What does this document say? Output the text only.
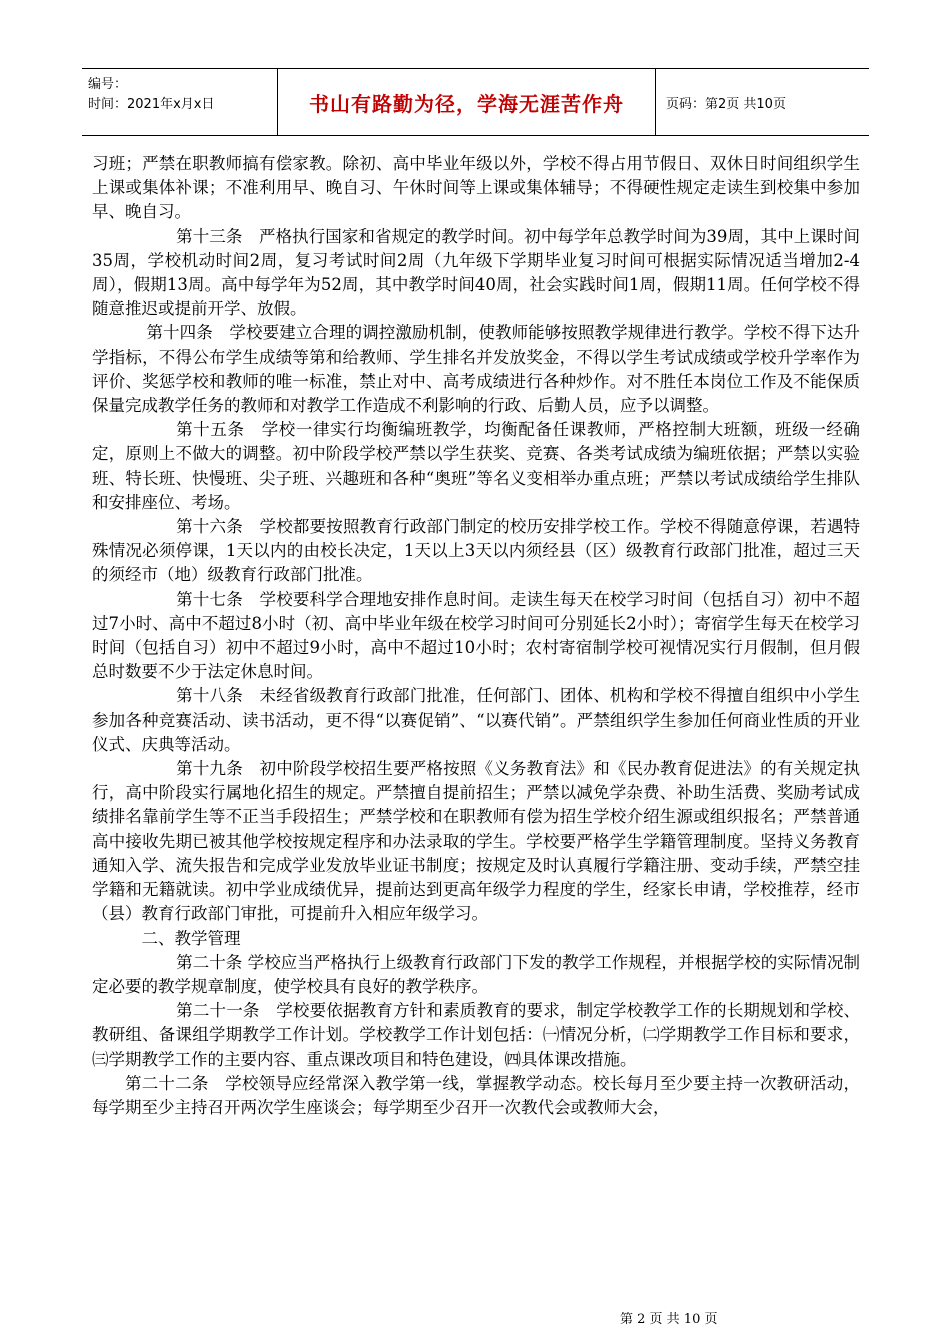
编号：
时间：2021年x月x日	书山有路勤为径，学海无涯苦作舟	页码：第2页 共10页

习班；严禁在职教师搞有偿家教。除初、高中毕业年级以外，学校不得占用节假日、双休日时间组织学生上课或集体补课；不准利用早、晚自习、午休时间等上课或集体辅导；不得硬性规定走读生到校集中参加早、晚自习。

第十三条　严格执行国家和省规定的教学时间。初中每学年总教学时间为39周，其中上课时间35周，学校机动时间2周，复习考试时间2周（九年级下学期毕业复习时间可根据实际情况适当增加2-4周），假期13周。高中每学年为52周，其中教学时间40周，社会实践时间1周，假期11周。任何学校不得随意推迟或提前开学、放假。

第十四条　学校要建立合理的调控激励机制，使教师能够按照教学规律进行教学。学校不得下达升学指标，不得公布学生成绩等第和给教师、学生排名并发放奖金，不得以学生考试成绩或学校升学率作为评价、奖惩学校和教师的唯一标准，禁止对中、高考成绩进行各种炒作。对不胜任本岗位工作及不能保质保量完成教学任务的教师和对教学工作造成不利影响的行政、后勤人员，应予以调整。

第十五条　学校一律实行均衡编班教学，均衡配备任课教师，严格控制大班额，班级一经确定，原则上不做大的调整。初中阶段学校严禁以学生获奖、竞赛、各类考试成绩为编班依据；严禁以实验班、特长班、快慢班、尖子班、兴趣班和各种“奥班”等名义变相举办重点班；严禁以考试成绩给学生排队和安排座位、考场。

第十六条　学校都要按照教育行政部门制定的校历安排学校工作。学校不得随意停课，若遇特殊情况必须停课，1天以内的由校长决定，1天以上3天以内须经县（区）级教育行政部门批准，超过三天的须经市（地）级教育行政部门批准。

第十七条　学校要科学合理地安排作息时间。走读生每天在校学习时间（包括自习）初中不超过7小时、高中不超过8小时（初、高中毕业年级在校学习时间可分别延长2小时）；寄宿学生每天在校学习时间（包括自习）初中不超过9小时，高中不超过10小时；农村寄宿制学校可视情况实行月假制，但月假总时数要不少于法定休息时间。

第十八条　未经省级教育行政部门批准，任何部门、团体、机构和学校不得擅自组织中小学生参加各种竞赛活动、读书活动，更不得“以赛促销”、“以赛代销”。严禁组织学生参加任何商业性质的开业仪式、庆典等活动。

第十九条　初中阶段学校招生要严格按照《义务教育法》和《民办教育促进法》的有关规定执行，高中阶段实行属地化招生的规定。严禁擅自提前招生；严禁以减免学杂费、补助生活费、奖励考试成绩排名靠前学生等不正当手段招生；严禁学校和在职教师有偿为招生学校介绍生源或组织报名；严禁普通高中接收先期已被其他学校按规定程序和办法录取的学生。学校要严格学生学籍管理制度。坚持义务教育通知入学、流失报告和完成学业发放毕业证书制度；按规定及时认真履行学籍注册、变动手续，严禁空挂学籍和无籍就读。初中学业成绩优异，提前达到更高年级学力程度的学生，经家长申请，学校推荐，经市（县）教育行政部门审批，可提前升入相应年级学习。

二、教学管理

第二十条 学校应当严格执行上级教育行政部门下发的教学工作规程，并根据学校的实际情况制定必要的教学规章制度，使学校具有良好的教学秩序。

第二十一条　学校要依据教育方针和素质教育的要求，制定学校教学工作的长期规划和学校、教研组、备课组学期教学工作计划。学校教学工作计划包括：㈠情况分析，㈡学期教学工作目标和要求，㈢学期教学工作的主要内容、重点课改项目和特色建设，㈣具体课改措施。

第二十二条　学校领导应经常深入教学第一线，掌握教学动态。校长每月至少要主持一次教研活动，每学期至少主持召开两次学生座谈会；每学期至少召开一次教代会或教师大会，

第 2 页 共 10 页
